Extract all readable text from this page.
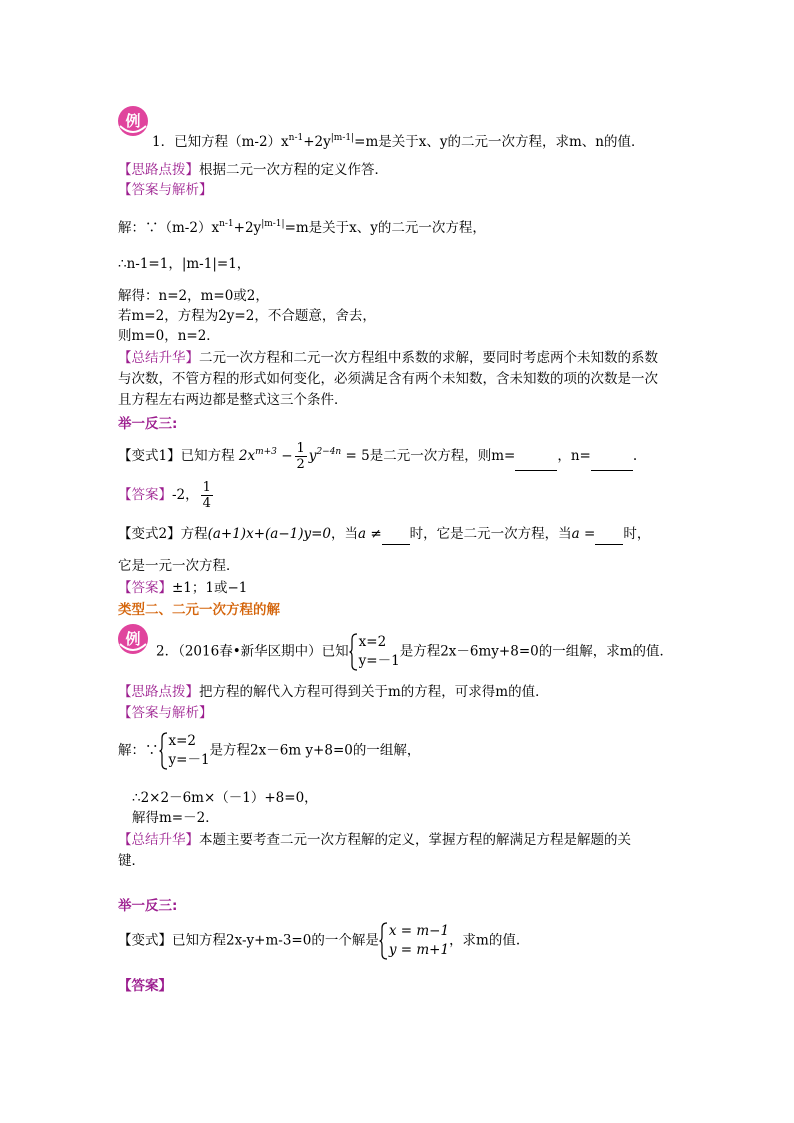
例
1．已知方程$(m-2)x^{n-1}+2y^{|m-1|}=m$是关于x、y的二元一次方程，求m、n的值．
【思路点拨】根据二元一次方程的定义作答．
【答案与解析】
解：$\because(m-2)x^{n-1}+2y^{|m-1|}=m$是关于x、y的二元一次方程，
∴n-1=1，|m-1|=1，
解得：n=2，m=0或2，
若m=2，方程为2y=2，不合题意，舍去，
则m=0，n=2．
【总结升华】二元一次方程和二元一次方程组中系数的求解，要同时考虑两个未知数的系数
与次数，不管方程的形式如何变化，必须满足含有两个未知数，含未知数的项的次数是一次
且方程左右两边都是整式这三个条件．
举一反三:
【变式1】已知方程 $2x^{m+3} - \frac{1}{2} y^{2-4n} = 5$是二元一次方程，则m=	，n=	.
【答案】-2， $\frac{1}{4}$
【变式2】方程(a+1)x+(a−1)y=0，当a ≠ 时，它是二元一次方程，当a = 时，
它是一元一次方程．
【答案】±1；1或−1
类型二、二元一次方程的解
例
2．（2016春•新华区期中）已知
x=2
y=－1
是方程2x－6my+8=0的一组解，求m的值．
【思路点拨】把方程的解代入方程可得到关于m的方程，可求得m的值．
【答案与解析】
解：∵
x=2
y=－1
是方程2x－6m y+8=0的一组解，
∴2×2－6m×（－1）+8=0，
解得m=－2．
【总结升华】本题主要考查二元一次方程解的定义，掌握方程的解满足方程是解题的关
键．
举一反三:
【变式】已知方程2x-y+m-3=0的一个解是
x = m−1
y = m+1
，求m的值.
【答案】
